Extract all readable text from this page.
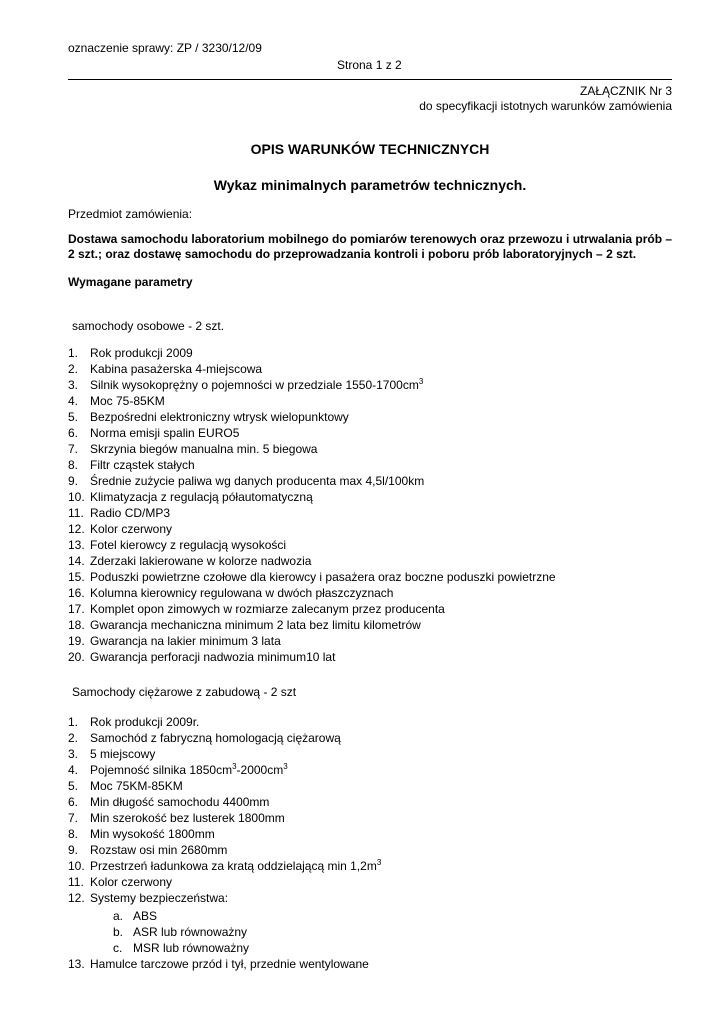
oznaczenie sprawy: ZP / 3230/12/09
Strona 1 z 2
ZAŁĄCZNIK Nr 3
do specyfikacji istotnych warunków zamówienia
OPIS WARUNKÓW TECHNICZNYCH
Wykaz minimalnych parametrów technicznych.
Przedmiot zamówienia:
Dostawa samochodu laboratorium mobilnego do pomiarów terenowych oraz przewozu i utrwalania prób – 2 szt.; oraz dostawę samochodu do przeprowadzania kontroli i poboru prób laboratoryjnych – 2 szt.
Wymagane parametry
samochody osobowe - 2 szt.
1. Rok produkcji 2009
2. Kabina pasażerska 4-miejscowa
3. Silnik wysokoprężny o pojemności w przedziale $1550-1700cm^3$
4. Moc 75-85KM
5. Bezpośredni elektroniczny wtrysk wielopunktowy
6. Norma emisji spalin EURO5
7. Skrzynia biegów manualna min. 5 biegowa
8. Filtr cząstek stałych
9. Średnie zużycie paliwa wg danych producenta max 4,5l/100km
10. Klimatyzacja z regulacją półautomatyczną
11. Radio CD/MP3
12. Kolor czerwony
13. Fotel kierowcy z regulacją wysokości
14. Zderzaki lakierowane w kolorze nadwozia
15. Poduszki powietrzne czołowe dla kierowcy i pasażera oraz boczne poduszki powietrzne
16. Kolumna kierownicy regulowana w dwóch płaszczyznach
17. Komplet opon zimowych w rozmiarze zalecanym przez producenta
18. Gwarancja mechaniczna minimum 2 lata bez limitu kilometrów
19. Gwarancja na lakier minimum 3 lata
20. Gwarancja perforacji nadwozia minimum10 lat
Samochody ciężarowe z zabudową - 2 szt
1. Rok produkcji 2009r.
2. Samochód z fabryczną homologacją ciężarową
3. 5 miejscowy
4. Pojemność silnika $1850cm^3-2000cm^3$
5. Moc 75KM-85KM
6. Min długość samochodu 4400mm
7. Min szerokość bez lusterek 1800mm
8. Min wysokość 1800mm
9. Rozstaw osi min 2680mm
10. Przestrzeń ładunkowa za kratą oddzielającą $\min 1,2m^3$
11. Kolor czerwony
12. Systemy bezpieczeństwa:
a. ABS
b. ASR lub równoważny
c. MSR lub równoważny
13. Hamulce tarczowe przód i tył, przednie wentylowane
